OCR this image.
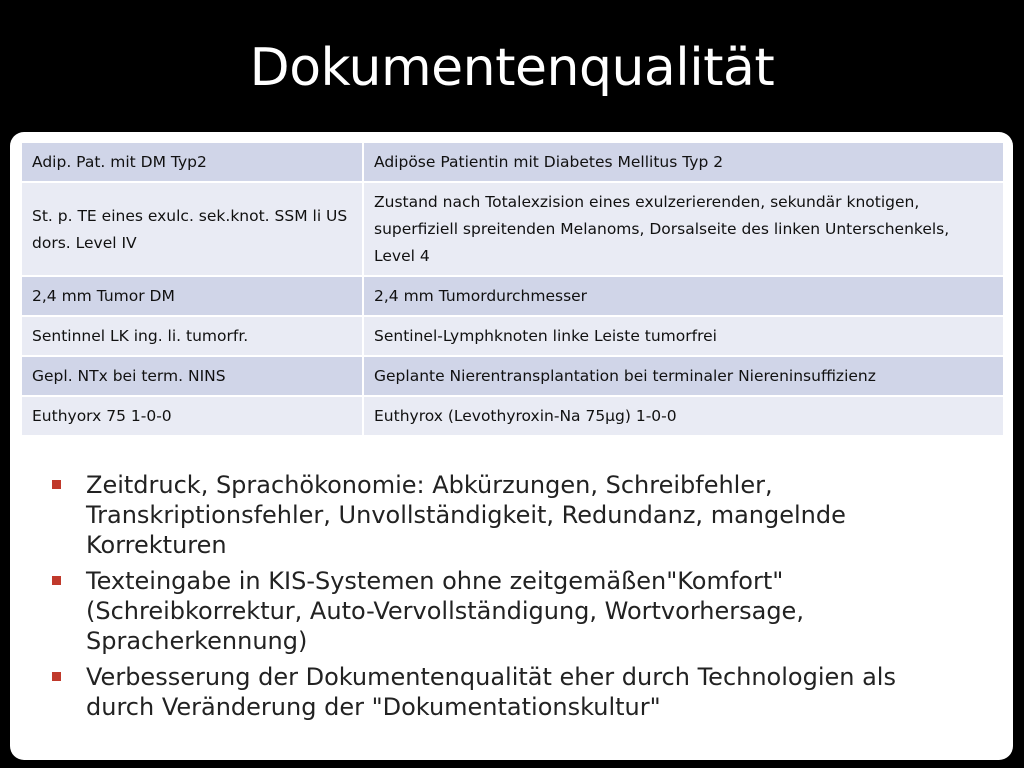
Dokumentenqualität
Adip. Pat. mit DM Typ2	Adipöse Patientin mit Diabetes Mellitus Typ 2
St. p. TE eines exulc. sek.knot. SSM li US dors. Level IV	Zustand nach Totalexzision eines exulzerierenden, sekundär knotigen, superfiziell spreitenden Melanoms, Dorsalseite des linken Unterschenkels, Level 4
2,4 mm Tumor DM	2,4 mm Tumordurchmesser
Sentinnel LK ing. li. tumorfr.	Sentinel-Lymphknoten linke Leiste tumorfrei
Gepl. NTx bei term. NINS	Geplante Nierentransplantation bei terminaler Niereninsuffizienz
Euthyorx 75 1-0-0	Euthyrox (Levothyroxin-Na 75µg) 1-0-0
Zeitdruck, Sprachökonomie: Abkürzungen, Schreibfehler, Transkriptionsfehler, Unvollständigkeit, Redundanz, mangelnde Korrekturen
Texteingabe in KIS-Systemen ohne zeitgemäßen"Komfort" (Schreibkorrektur, Auto-Vervollständigung, Wortvorhersage, Spracherkennung)
Verbesserung der Dokumentenqualität eher durch Technologien als durch Veränderung der "Dokumentationskultur"
